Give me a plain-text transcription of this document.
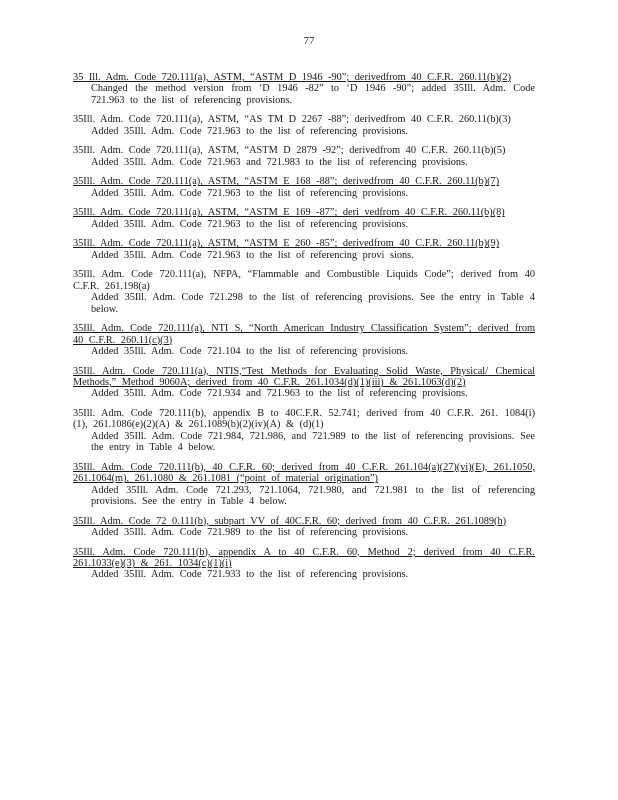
77
35 Ill. Adm. Code 720.111(a), ASTM, “ASTM D 1946 -90”; derivedfrom 40 C.F.R. 260.11(b)(2)
Changed the method version from ‘D 1946 -82” to ‘D 1946 -90”; added 35Ill. Adm. Code 721.963 to the list of referencing provisions.
35Ill. Adm. Code 720.111(a), ASTM, “AS TM D 2267 -88”; derivedfrom 40 C.F.R. 260.11(b)(3)
Added 35Ill. Adm. Code 721.963 to the list of referencing provisions.
35Ill. Adm. Code 720.111(a), ASTM, “ASTM D 2879 -92”; derivedfrom 40 C.F.R. 260.11(b)(5)
Added 35Ill. Adm. Code 721.963 and 721.983 to the list of referencing provisions.
35Ill. Adm. Code 720.111(a), ASTM, “ASTM E 168 -88”; derivedfrom 40 C.F.R. 260.11(b)(7)
Added 35Ill. Adm. Code 721.963 to the list of referencing provisions.
35Ill. Adm. Code 720.111(a), ASTM, “ASTM E 169 -87”; deri vedfrom 40 C.F.R. 260.11(b)(8)
Added 35Ill. Adm. Code 721.963 to the list of referencing provisions.
35Ill. Adm. Code 720.111(a), ASTM, “ASTM E 260 -85”; derivedfrom 40 C.F.R. 260.11(b)(9)
Added 35Ill. Adm. Code 721.963 to the list of referencing provi sions.
35Ill. Adm. Code 720.111(a), NFPA, “Flammable and Combustible Liquids Code”; derived from 40 C.F.R. 261.198(a)
Added 35Ill. Adm. Code 721.298 to the list of referencing provisions. See the entry in Table 4 below.
35Ill. Adm. Code 720.111(a), NTI S, “North American Industry Classification System”; derived from 40 C.F.R. 260.11(c)(3)
Added 35Ill. Adm. Code 721.104 to the list of referencing provisions.
35Ill. Adm. Code 720.111(a), NTIS,“Test Methods for Evaluating Solid Waste, Physical/ Chemical Methods,” Method 9060A; derived from 40 C.F.R. 261.1034(d)(1)(iii) & 261.1063(d)(2)
Added 35Ill. Adm. Code 721.934 and 721.963 to the list of referencing provisions.
35Ill. Adm. Code 720.111(b), appendix B to 40C.F.R. 52.741; derived from 40 C.F.R. 261. 1084(i)(1), 261.1086(e)(2)(A) & 261.1089(b)(2)(iv)(A) & (d)(1)
Added 35Ill. Adm. Code 721.984, 721.986, and 721.989 to the list of referencing provisions. See the entry in Table 4 below.
35Ill. Adm. Code 720.111(b), 40 C.F.R. 60; derived from 40 C.F.R. 261.104(a)(27)(vi)(E), 261.1050, 261.1064(m), 261.1080 & 261.1081 (“point of material origination”)
Added 35Ill. Adm. Code 721.293, 721.1064, 721.980, and 721.981 to the list of referencing provisions. See the entry in Table 4 below.
35Ill. Adm. Code 72 0.111(b), subpart VV of 40C.F.R. 60; derived from 40 C.F.R. 261.1089(h)
Added 35Ill. Adm. Code 721.989 to the list of referencing provisions.
35Ill. Adm. Code 720.111(b), appendix A to 40 C.F.R. 60, Method 2; derived from 40 C.F.R. 261.1033(e)(3) & 261. 1034(c)(1)(i)
Added 35Ill. Adm. Code 721.933 to the list of referencing provisions.
